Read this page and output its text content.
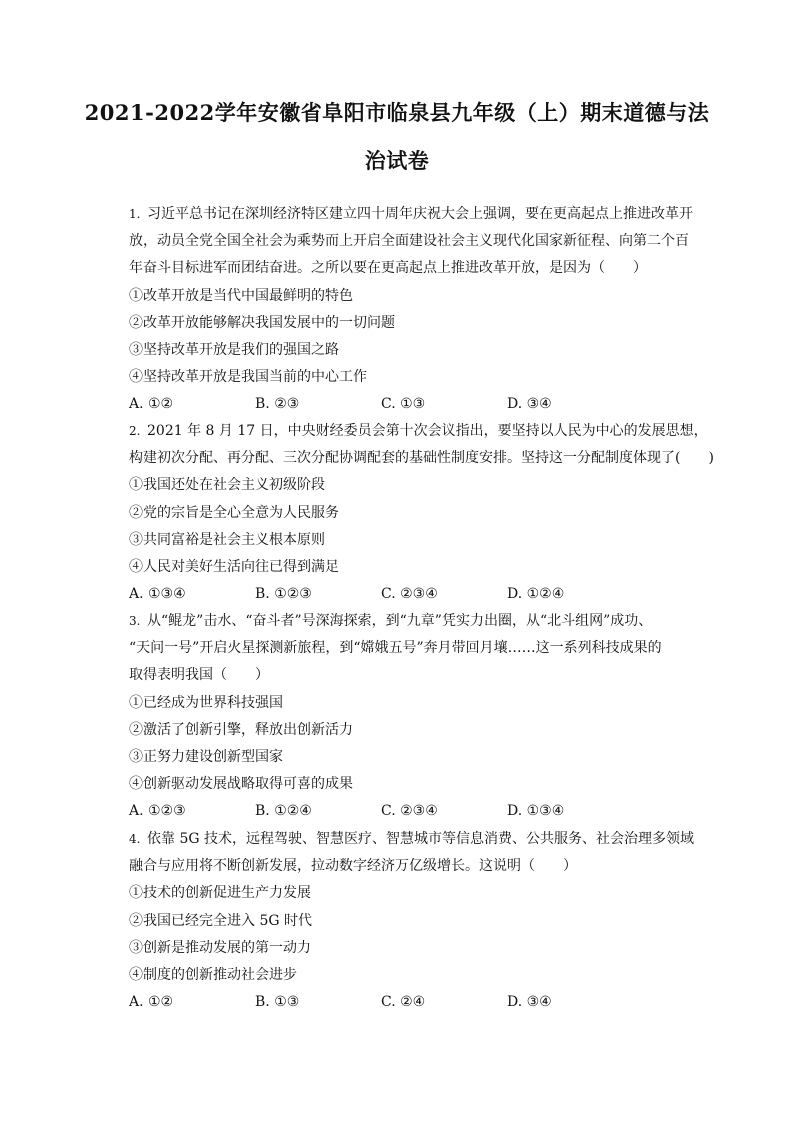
2021-2022学年安徽省阜阳市临泉县九年级（上）期末道德与法
治试卷
1. 习近平总书记在深圳经济特区建立四十周年庆祝大会上强调，要在更高起点上推进改革开
放，动员全党全国全社会为乘势而上开启全面建设社会主义现代化国家新征程、向第二个百
年奋斗目标进军而团结奋进。之所以要在更高起点上推进改革开放，是因为（　　）
①改革开放是当代中国最鲜明的特色
②改革开放能够解决我国发展中的一切问题
③坚持改革开放是我们的强国之路
④坚持改革开放是我国当前的中心工作
A. ①②	B. ②③	C. ①③	D. ③④
2. 2021 年 8 月 17 日，中央财经委员会第十次会议指出，要坚持以人民为中心的发展思想，
构建初次分配、再分配、三次分配协调配套的基础性制度安排。坚持这一分配制度体现了(　　)
①我国还处在社会主义初级阶段
②党的宗旨是全心全意为人民服务
③共同富裕是社会主义根本原则
④人民对美好生活向往已得到满足
A. ①③④	B. ①②③	C. ②③④	D. ①②④
3. 从“鲲龙”击水、“奋斗者”号深海探索，到“九章”凭实力出圈，从“北斗组网”成功、
“天问一号”开启火星探测新旅程，到“嫦娥五号”奔月带回月壤……这一系列科技成果的
取得表明我国（　　）
①已经成为世界科技强国
②激活了创新引擎，释放出创新活力
③正努力建设创新型国家
④创新驱动发展战略取得可喜的成果
A. ①②③	B. ①②④	C. ②③④	D. ①③④
4. 依靠 5G 技术，远程驾驶、智慧医疗、智慧城市等信息消费、公共服务、社会治理多领域
融合与应用将不断创新发展，拉动数字经济万亿级增长。这说明（　　）
①技术的创新促进生产力发展
②我国已经完全进入 5G 时代
③创新是推动发展的第一动力
④制度的创新推动社会进步
A. ①②	B. ①③	C. ②④	D. ③④
